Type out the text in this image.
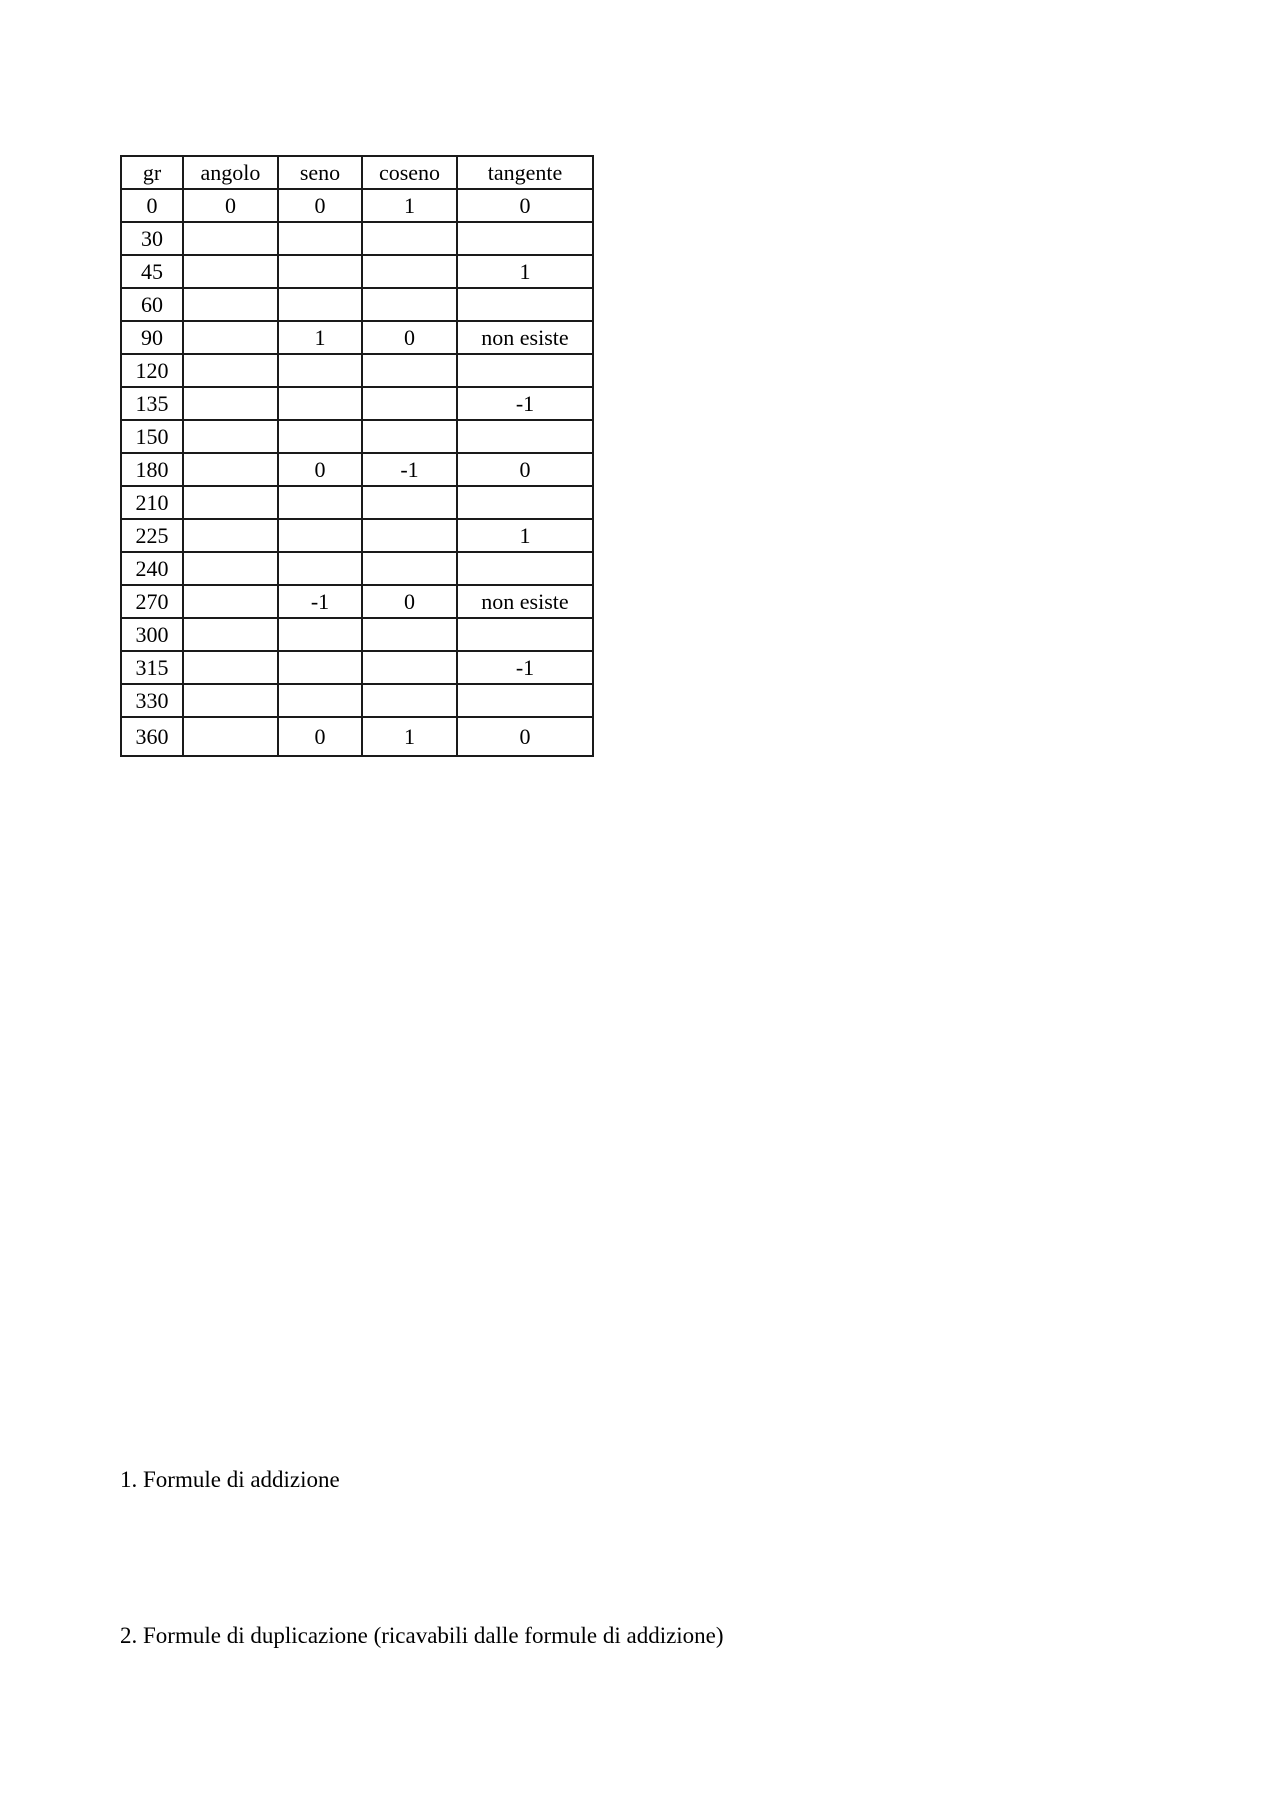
gr	angolo	seno	coseno	tangente
0	0	0	1	0
30				
45				1
60				
90		1	0	non esiste
120				
135				-1
150				
180		0	-1	0
210				
225				1
240				
270		-1	0	non esiste
300				
315				-1
330				
360		0	1	0
1. Formule di addizione
2. Formule di duplicazione (ricavabili dalle formule di addizione)
